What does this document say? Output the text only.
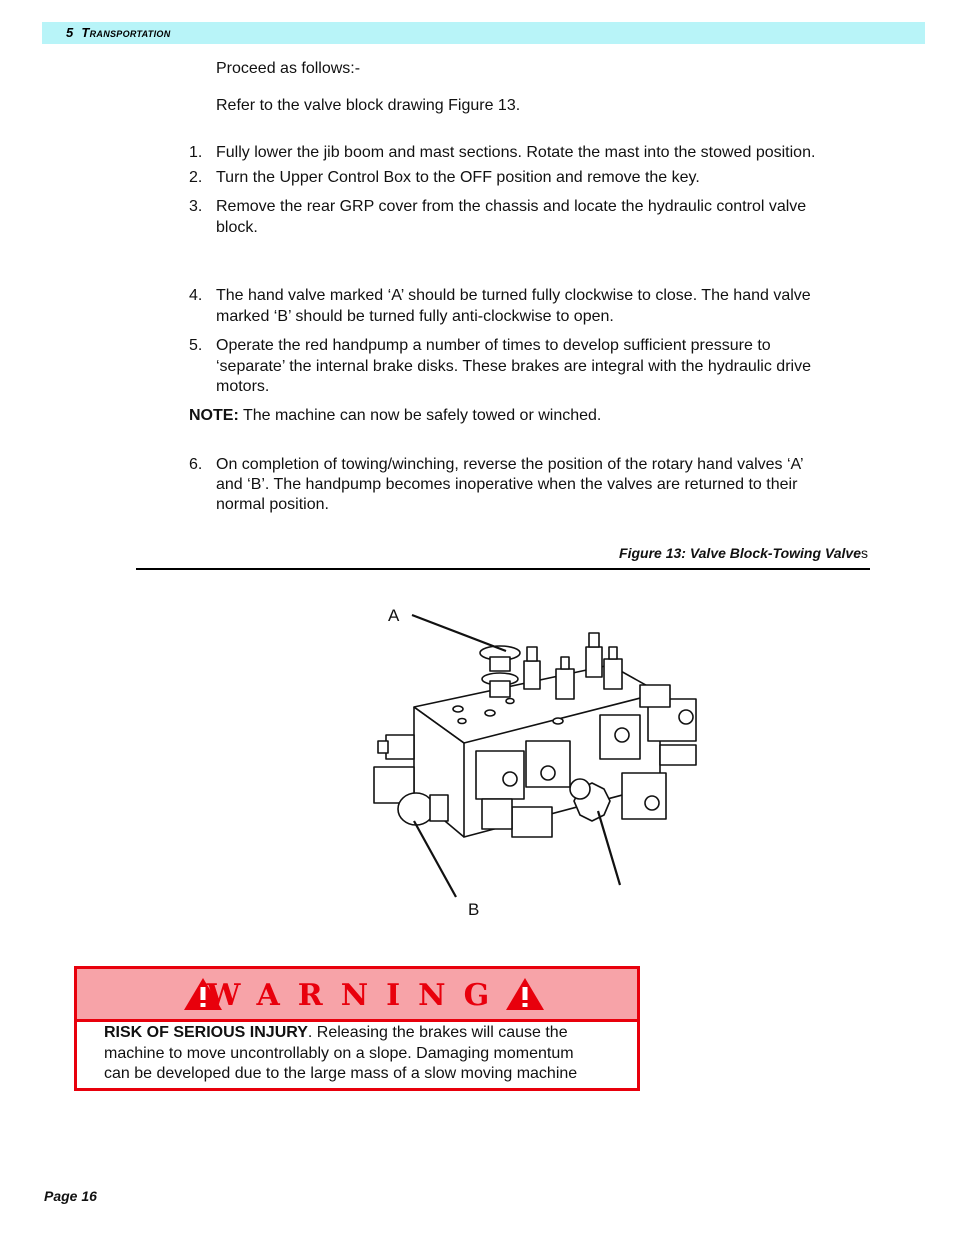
5 Transportation

Proceed as follows:-

Refer to the valve block drawing Figure 13.

1. Fully lower the jib boom and mast sections. Rotate the mast into the stowed position.

2. Turn the Upper Control Box to the OFF position and remove the key.

3. Remove the rear GRP cover from the chassis and locate the hydraulic control valve

block.

4. The hand valve marked ‘A’ should be turned fully clockwise to close. The hand valve

marked ‘B’ should be turned fully anti-clockwise to open.

5. Operate the red handpump a number of times to develop sufficient pressure to

‘separate’ the internal brake disks. These brakes are integral with the hydraulic drive

motors.

NOTE: The machine can now be safely towed or winched.

6. On completion of towing/winching, reverse the position of the rotary hand valves ‘A’

and ‘B’. The handpump becomes inoperative when the valves are returned to their

normal position.

Figure 13: Valve Block-Towing Valves
A
B
WARNING
RISK OF SERIOUS INJURY. Releasing the brakes will cause the
machine to move uncontrollably on a slope. Damaging momentum
can be developed due to the large mass of a slow moving machine
Page 16
